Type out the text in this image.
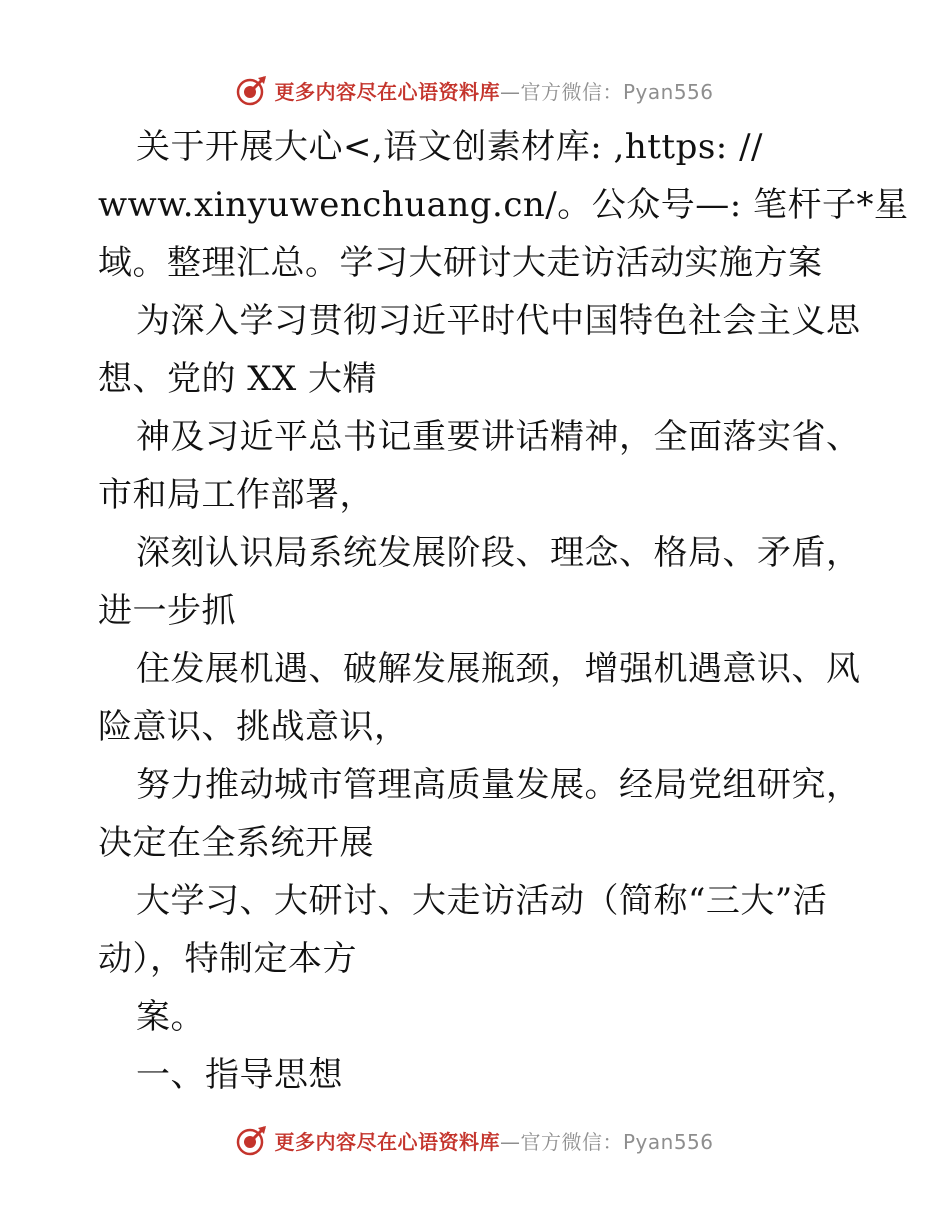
更多内容尽在心语资料库—官方微信：Pyan556
关于开展大心<,语文创素材库: ,https: //
www.xinyuwenchuang.cn/。公众号—: 笔杆子*星
域。整理汇总。学习大研讨大走访活动实施方案
为深入学习贯彻习近平时代中国特色社会主义思
想、党的 XX 大精
神及习近平总书记重要讲话精神，全面落实省、
市和局工作部署，
深刻认识局系统发展阶段、理念、格局、矛盾，
进一步抓
住发展机遇、破解发展瓶颈，增强机遇意识、风
险意识、挑战意识，
努力推动城市管理高质量发展。经局党组研究，
决定在全系统开展
大学习、大研讨、大走访活动（简称“三大”活
动），特制定本方
案。
一、指导思想
更多内容尽在心语资料库—官方微信：Pyan556
